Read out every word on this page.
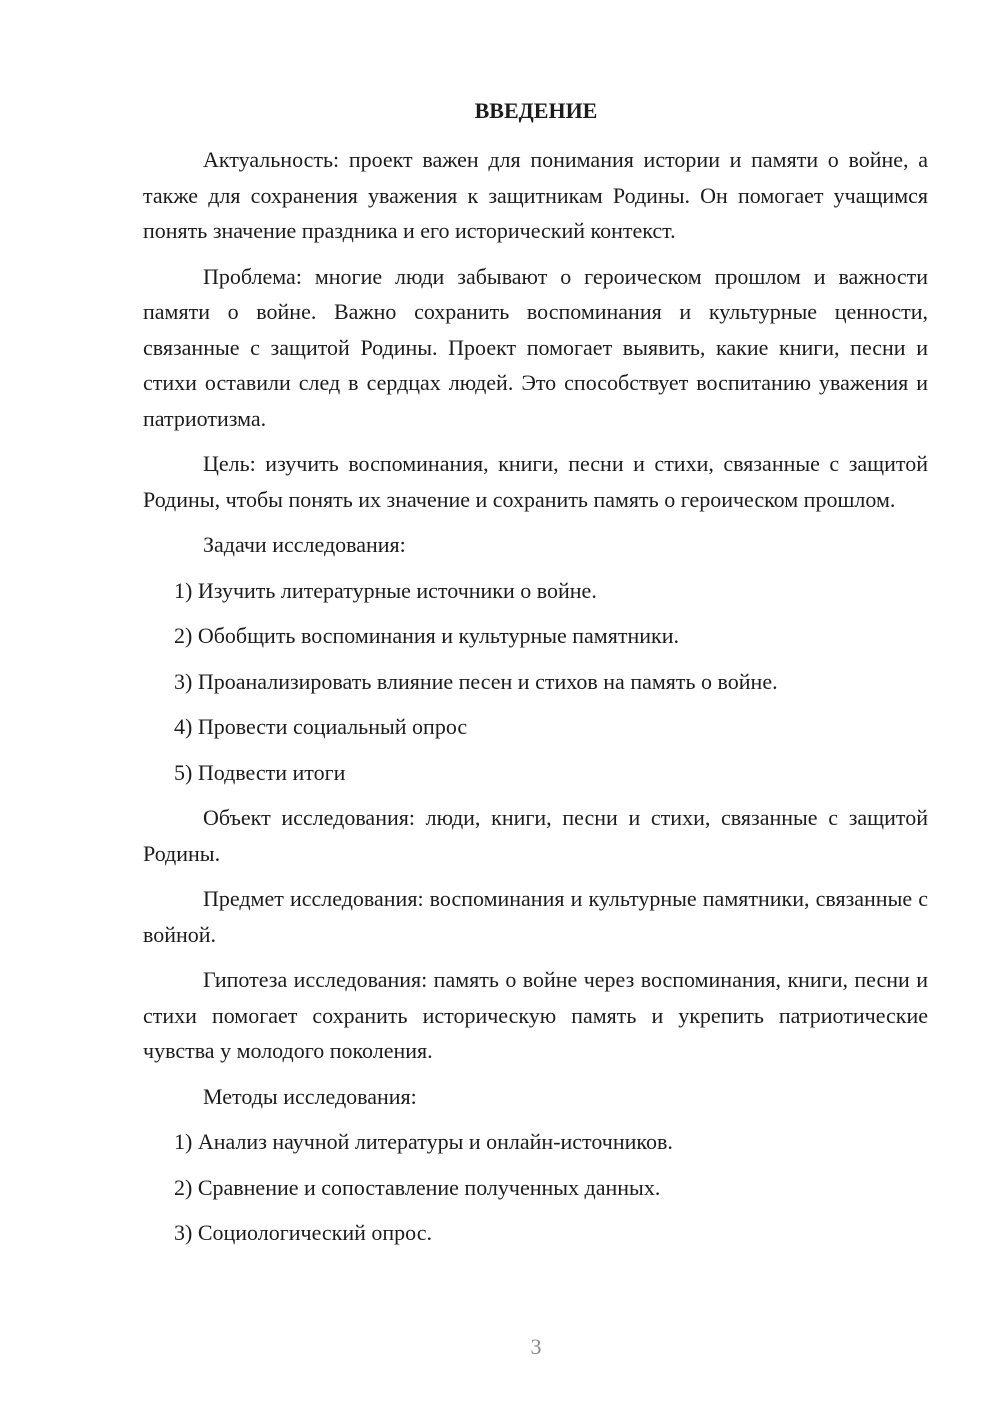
ВВЕДЕНИЕ

Актуальность: проект важен для понимания истории и памяти о войне, а также для сохранения уважения к защитникам Родины. Он помогает учащимся понять значение праздника и его исторический контекст.

Проблема: многие люди забывают о героическом прошлом и важности памяти о войне. Важно сохранить воспоминания и культурные ценности, связанные с защитой Родины. Проект помогает выявить, какие книги, песни и стихи оставили след в сердцах людей. Это способствует воспитанию уважения и патриотизма.

Цель: изучить воспоминания, книги, песни и стихи, связанные с защитой Родины, чтобы понять их значение и сохранить память о героическом прошлом.

Задачи исследования:

1) Изучить литературные источники о войне.

2) Обобщить воспоминания и культурные памятники.

3) Проанализировать влияние песен и стихов на память о войне.

4) Провести социальный опрос

5) Подвести итоги

Объект исследования: люди, книги, песни и стихи, связанные с защитой Родины.

Предмет исследования: воспоминания и культурные памятники, связанные с войной.

Гипотеза исследования: память о войне через воспоминания, книги, песни и стихи помогает сохранить историческую память и укрепить патриотические чувства у молодого поколения.

Методы исследования:

1) Анализ научной литературы и онлайн-источников.

2) Сравнение и сопоставление полученных данных.

3) Социологический опрос.

3
